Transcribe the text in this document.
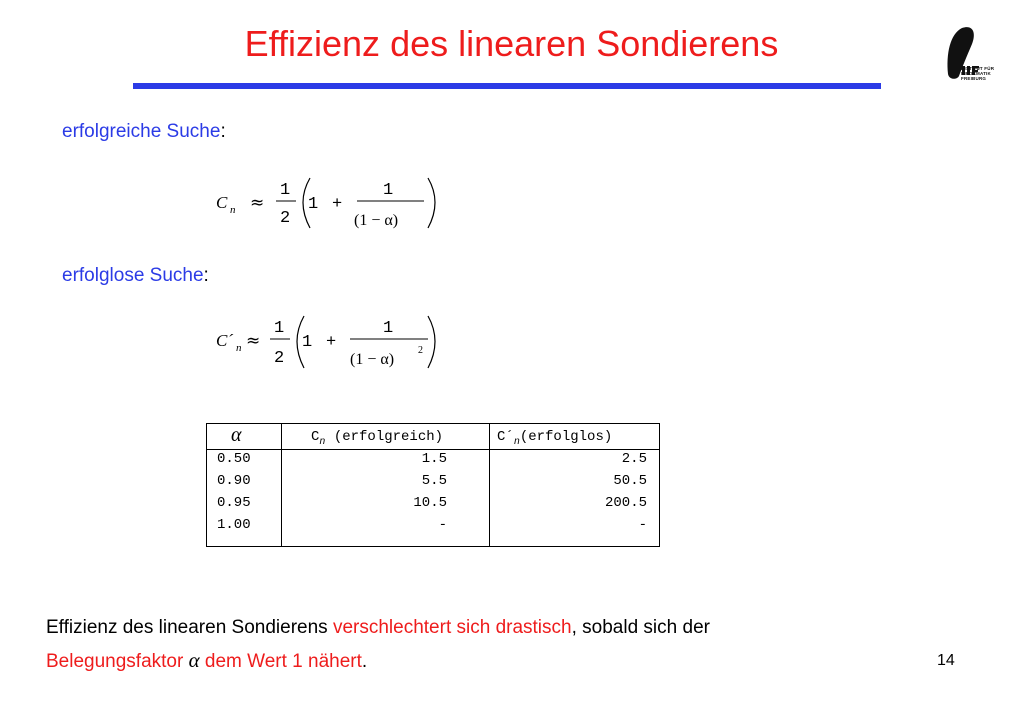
Effizienz des linearen Sondierens
INSTITUT FÜR
INFORMATIK
FREIBURG
erfolgreiche Suche:
C n ≈
1
2
1 +
1
(1 − α)
erfolglose Suche:
C´ n ≈
1
2
1 +
1
(1 − α)
2
α	$C_n$ (erfolgreich)	$C´_n(erfolglos)$
0.50	1.5	2.5
0.90	5.5	50.5
0.95	10.5	200.5
1.00	-	-
Effizienz des linearen Sondierens verschlechtert sich drastisch, sobald sich der
Belegungsfaktor α dem Wert 1 nähert.	14
